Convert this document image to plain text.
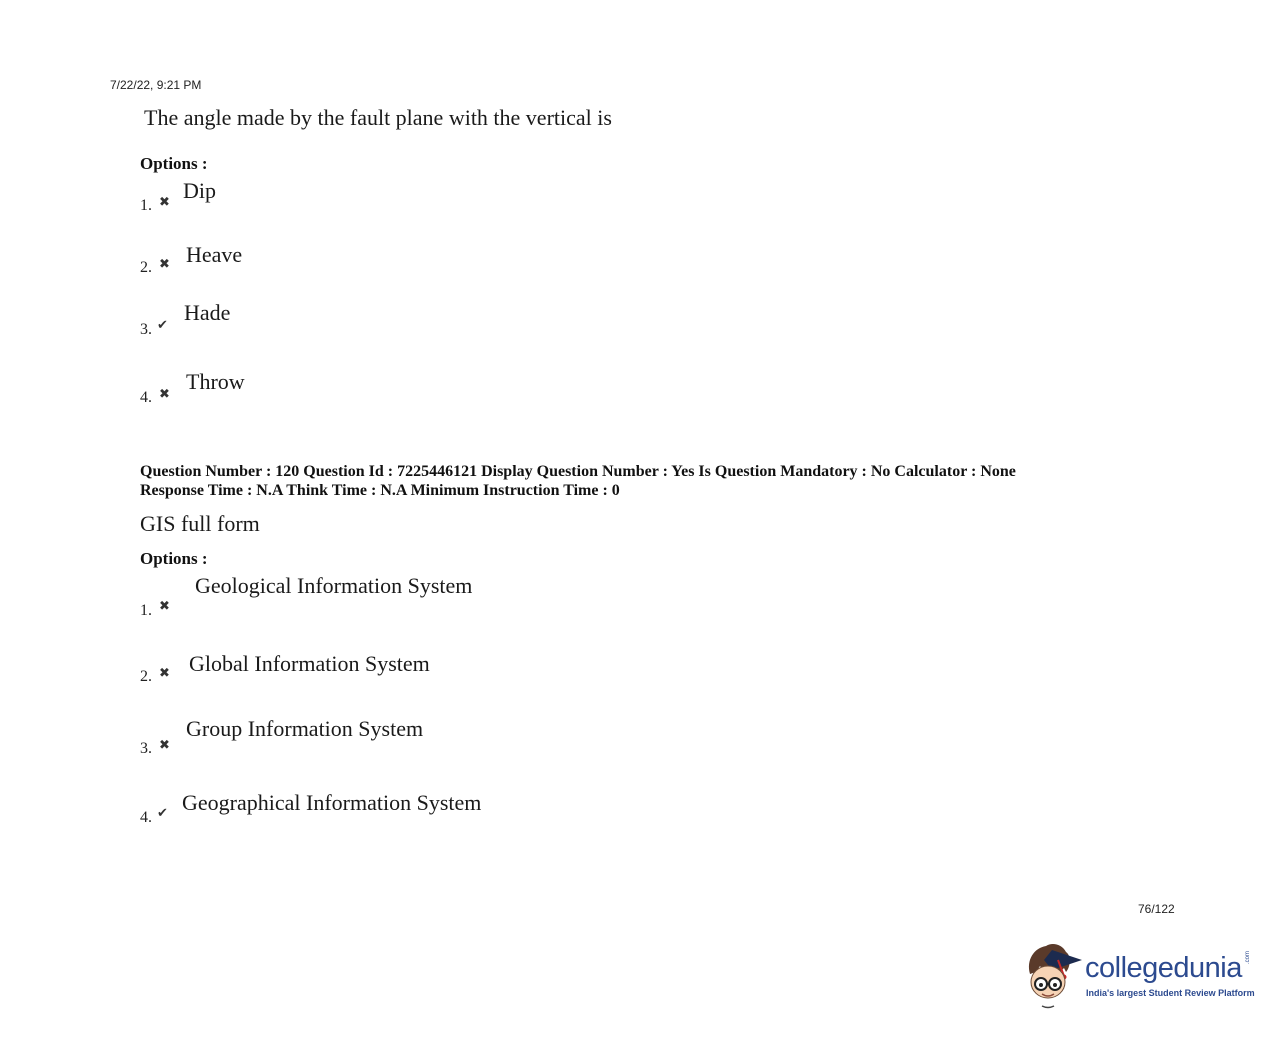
7/22/22, 9:21 PM
The angle made by the fault plane with the vertical is
Options :
1. ✖ Dip
2. ✖ Heave
3. ✔
Hade
4. ✖
Throw
Question Number : 120 Question Id : 7225446121 Display Question Number : Yes Is Question Mandatory : No Calculator : None
Response Time : N.A Think Time : N.A Minimum Instruction Time : 0
GIS full form
Options :
1. ✖
Geological Information System
2. ✖ Global Information System
3. ✖
Group Information System
4. ✔ Geographical Information System
76/122
collegedunia .com
India's largest Student Review Platform
